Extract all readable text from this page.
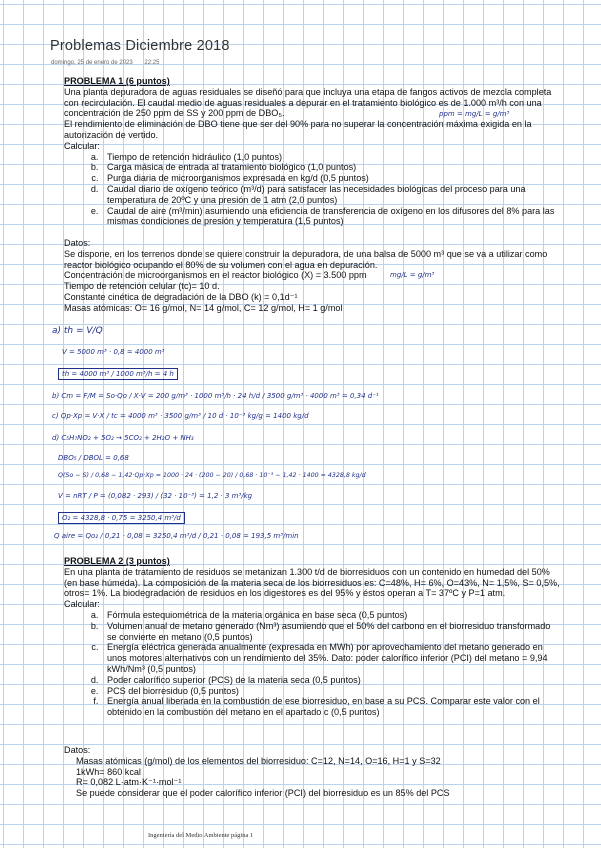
Problemas Diciembre 2018
domingo, 25 de enero de 2023 22:25

PROBLEMA 1 (6 puntos)

Una planta depuradora de aguas residuales se diseñó para que incluya una etapa de fangos activos de mezcla completa con recirculación. El caudal medio de aguas residuales a depurar en el tratamiento biológico es de 1.000 m³/h con una concentración de 250 ppm de SS y 200 ppm de DBO₅.

El rendimiento de eliminación de DBO tiene que ser del 90% para no superar la concentración máxima exigida en la autorización de vertido.

Calcular:

a. Tiempo de retención hidráulico (1,0 puntos)
b. Carga másica de entrada al tratamiento biológico (1,0 puntos)
c. Purga diaria de microorganismos expresada en kg/d (0,5 puntos)
d. Caudal diario de oxígeno teórico (m³/d) para satisfacer las necesidades biológicas del proceso para una temperatura de 20ºC y una presión de 1 atm (2,0 puntos)
e. Caudal de aire (m³/min) asumiendo una eficiencia de transferencia de oxígeno en los difusores del 8% para las mismas condiciones de presión y temperatura (1,5 puntos)
ppm = mg/L = g/m³

Datos:

Se dispone, en los terrenos donde se quiere construir la depuradora, de una balsa de 5000 m³ que se va a utilizar como reactor biológico ocupando el 80% de su volumen con el agua en depuración.

Concentración de microorganismos en el reactor biológico (X) = 3.500 ppm

Tiempo de retención celular (tc)= 10 d.

Constante cinética de degradación de la DBO (k) = 0,1d⁻¹

Masas atómicas: O= 16 g/mol, N= 14 g/mol, C= 12 g/mol, H= 1 g/mol

mg/L = g/m³
a) th = V/Q
V = 5000 m³ · 0,8 = 4000 m³
th = 4000 m³ / 1000 m³/h = 4 h
b) Cm = F/M = So·Qo / X·V = 200 g/m³ · 1000 m³/h · 24 h/d / 3500 g/m³ · 4000 m³ = 0,34 d⁻¹
c) Qp·Xp = V·X / tc = 4000 m³ · 3500 g/m³ / 10 d · 10⁻³ kg/g = 1400 kg/d
d) C₅H₇NO₂ + 5O₂ → 5CO₂ + 2H₂O + NH₃
DBO₅ / DBOL = 0,68
Q(So − S) / 0,68 − 1,42·Qp·Xp = 1000 · 24 · (200 − 20) / 0,68 · 10⁻³ − 1,42 · 1400 = 4328,8 kg/d
V = nRT / P = (0,082 · 293) / (32 · 10⁻³) = 1,2 · 3 m³/kg
O₂ = 4328,8 · 0,75 = 3250,4 m³/d
Q aire = Qo₂ / 0,21 · 0,08 = 3250,4 m³/d / 0,21 · 0,08 = 193,5 m³/min

PROBLEMA 2 (3 puntos)

En una planta de tratamiento de residuos se metanizan 1.300 t/d de biorresiduos con un contenido en humedad del 50% (en base húmeda). La composición de la materia seca de los biorresiduos es: C=48%, H= 6%, O=43%, N= 1,5%, S= 0,5%, otros= 1%. La biodegradación de residuos en los digestores es del 95% y éstos operan a T= 37ºC y P=1 atm.

Calcular:

a. Fórmula estequiométrica de la materia orgánica en base seca (0,5 puntos)
b. Volumen anual de metano generado (Nm³) asumiendo que el 50% del carbono en el biorresiduo transformado se convierte en metano (0,5 puntos)
c. Energía eléctrica generada anualmente (expresada en MWh) por aprovechamiento del metano generado en unos motores alternativos con un rendimiento del 35%. Dato: poder calorífico inferior (PCI) del metano = 9,94 kWh/Nm³ (0,5 puntos)
d. Poder calorífico superior (PCS) de la materia seca (0,5 puntos)
e. PCS del biorresiduo (0,5 puntos)
f. Energía anual liberada en la combustión de ese biorresiduo, en base a su PCS. Comparar este valor con el obtenido en la combustión del metano en el apartado c (0,5 puntos)

Datos:

Masas atómicas (g/mol) de los elementos del biorresiduo: C=12, N=14, O=16, H=1 y S=32

1kWh= 860 kcal

R= 0,082 L·atm·K⁻¹·mol⁻¹

Se puede considerar que el poder calorífico inferior (PCI) del biorresiduo es un 85% del PCS

Ingeniería del Medio Ambiente página 1
